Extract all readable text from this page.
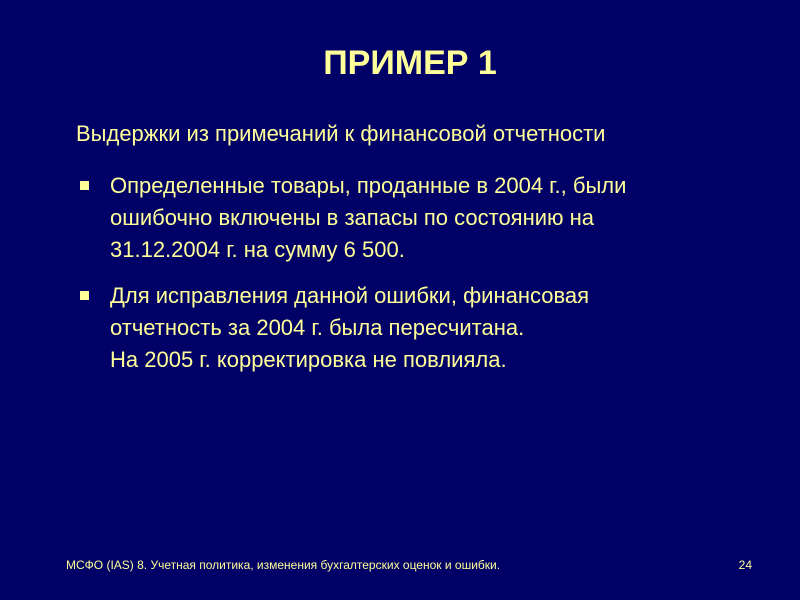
ПРИМЕР 1
Выдержки из примечаний к финансовой отчетности
Определенные товары, проданные в 2004 г., были
ошибочно включены в запасы по состоянию на
31.12.2004 г. на сумму 6 500.
Для исправления данной ошибки, финансовая
отчетность за 2004 г. была пересчитана.
На 2005 г. корректировка не повлияла.
МСФО (IAS) 8. Учетная политика, изменения бухгалтерских оценок и ошибки.	24
